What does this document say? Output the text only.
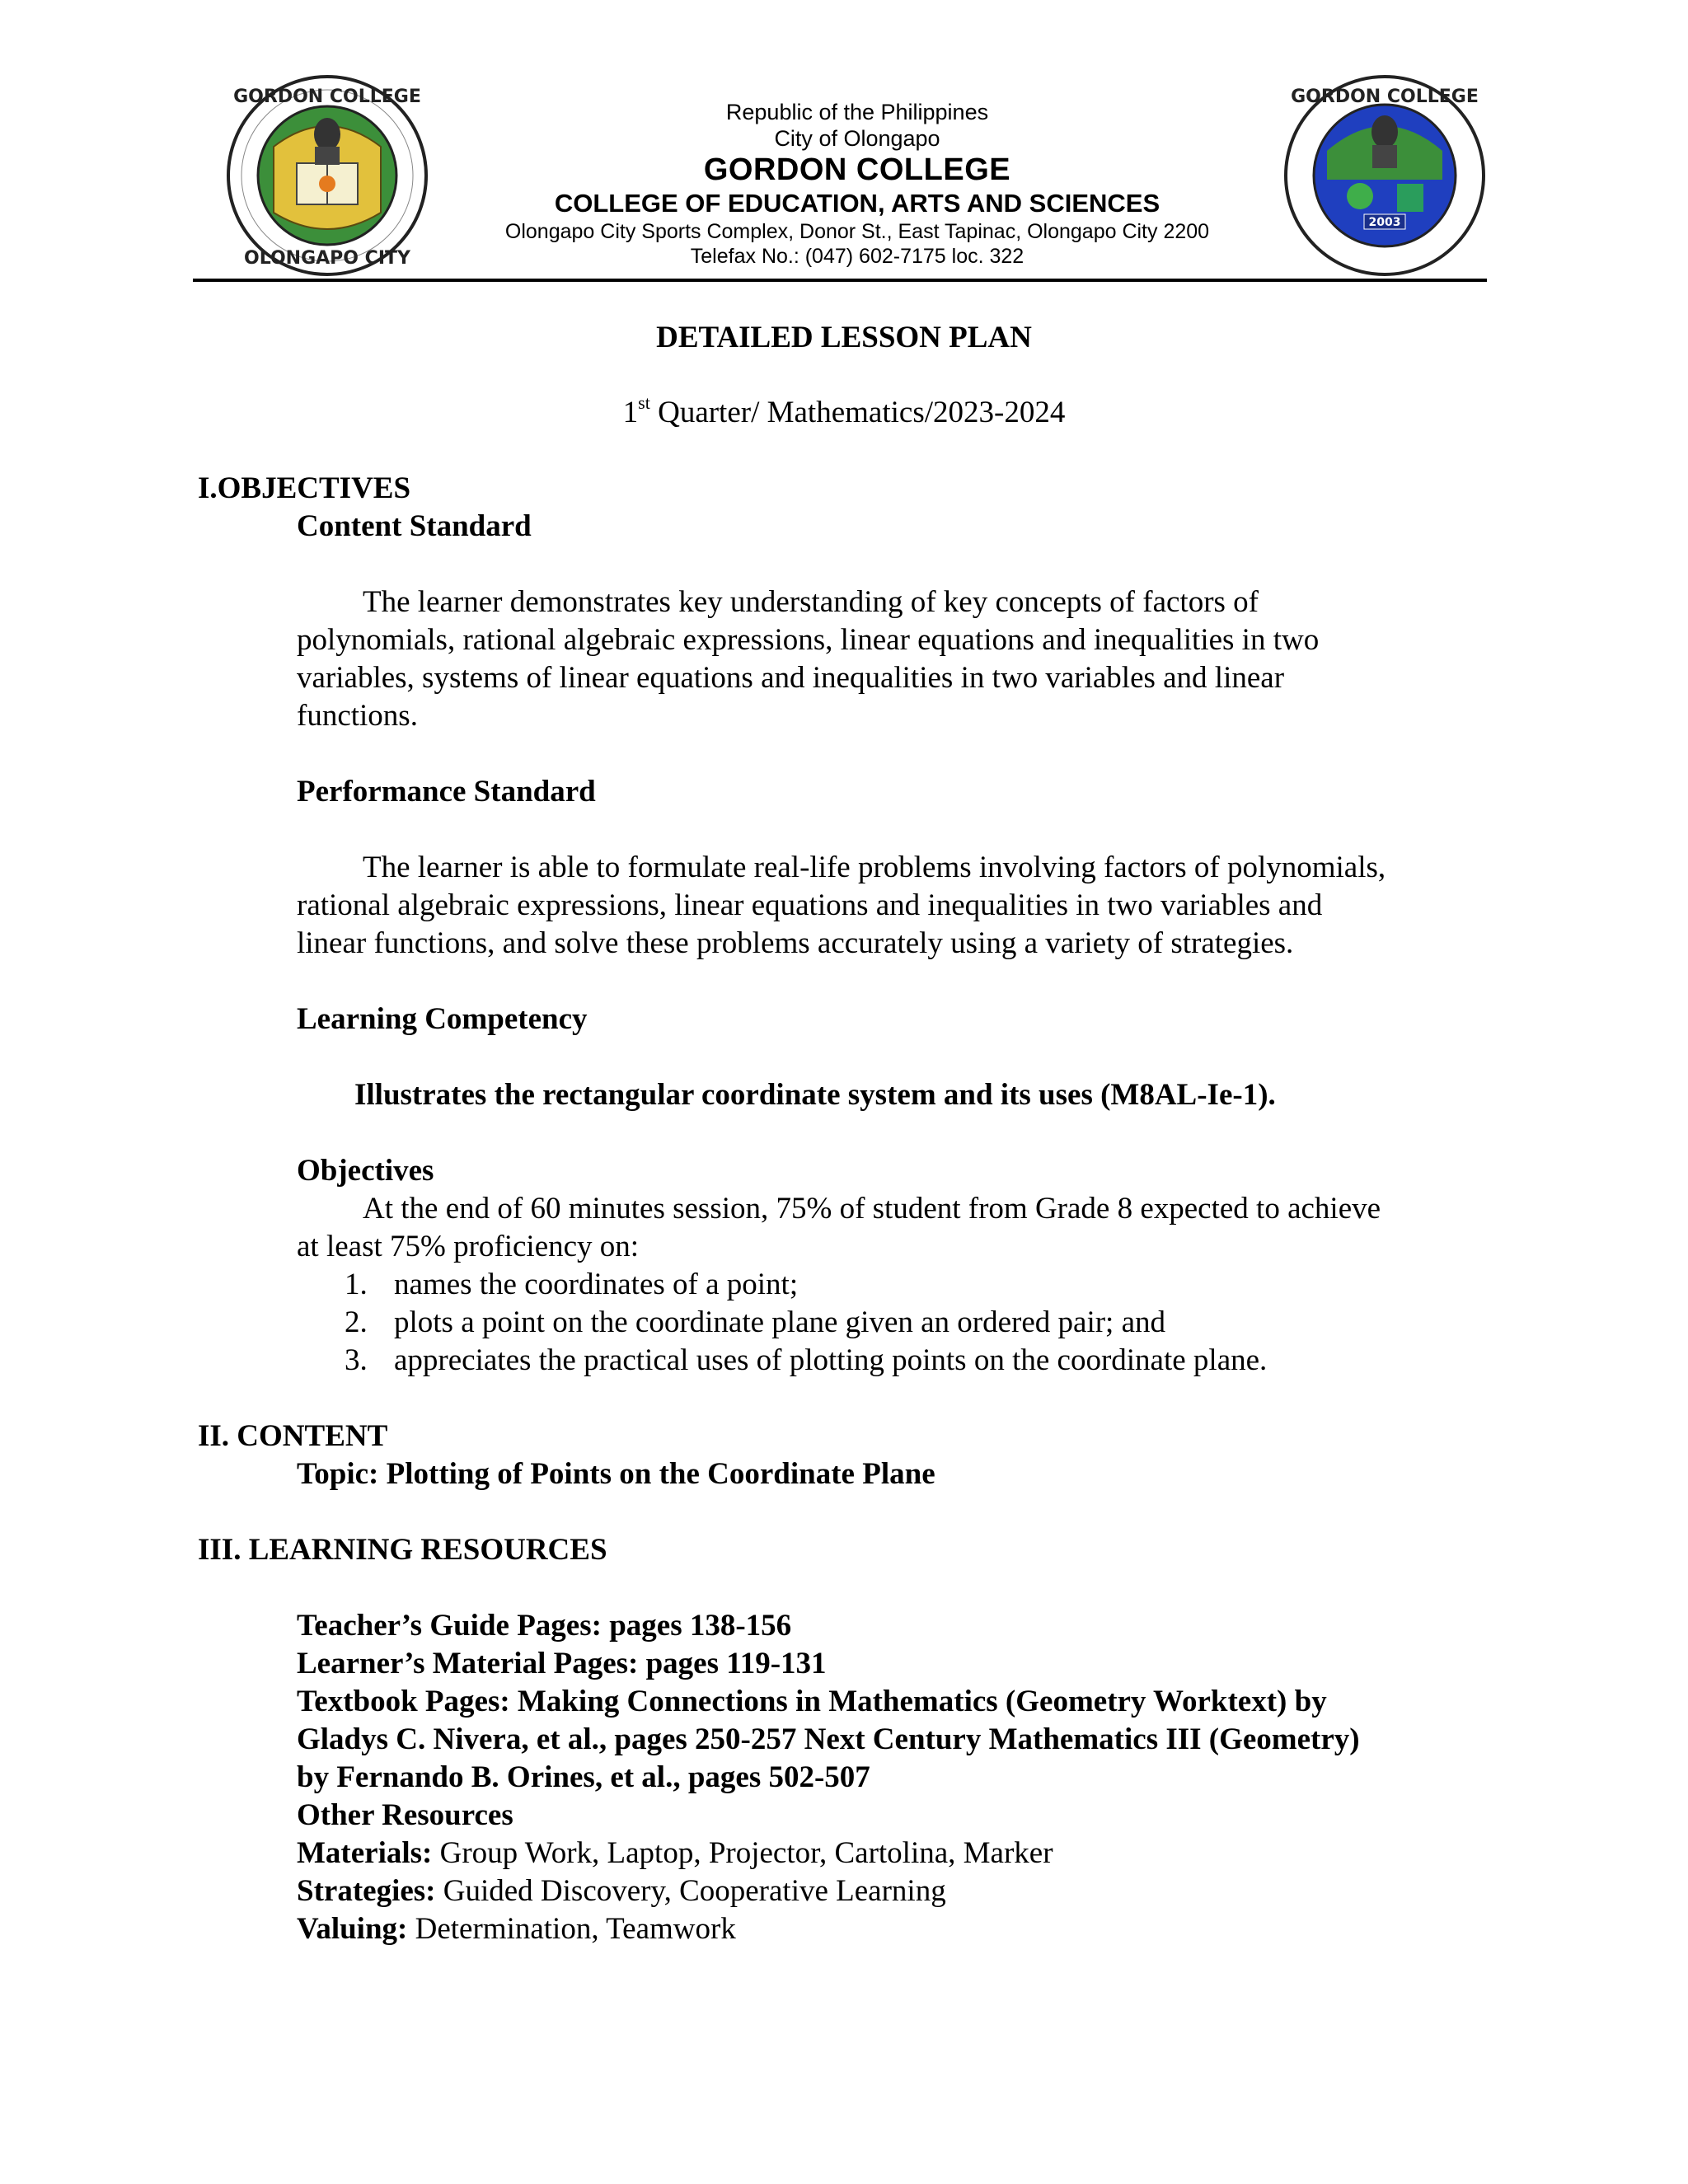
GORDON COLLEGE
OLONGAPO CITY
Republic of the Philippines
City of Olongapo
GORDON COLLEGE
COLLEGE OF EDUCATION, ARTS AND SCIENCES
Olongapo City Sports Complex, Donor St., East Tapinac, Olongapo City 2200
Telefax No.: (047) 602-7175 loc. 322
2003
GORDON COLLEGE
DETAILED LESSON PLAN
1st Quarter/ Mathematics/2023-2024
I.OBJECTIVES
Content Standard
The learner demonstrates key understanding of key concepts of factors of
polynomials, rational algebraic expressions, linear equations and inequalities in two
variables, systems of linear equations and inequalities in two variables and linear
functions.
Performance Standard
The learner is able to formulate real-life problems involving factors of polynomials,
rational algebraic expressions, linear equations and inequalities in two variables and
linear functions, and solve these problems accurately using a variety of strategies.
Learning Competency
Illustrates the rectangular coordinate system and its uses (M8AL-Ie-1).
Objectives
At the end of 60 minutes session, 75% of student from Grade 8 expected to achieve
at least 75% proficiency on:
1. names the coordinates of a point;
2. plots a point on the coordinate plane given an ordered pair; and
3. appreciates the practical uses of plotting points on the coordinate plane.
II. CONTENT
Topic: Plotting of Points on the Coordinate Plane
III. LEARNING RESOURCES
Teacher’s Guide Pages: pages 138-156
Learner’s Material Pages: pages 119-131
Textbook Pages: Making Connections in Mathematics (Geometry Worktext) by
Gladys C. Nivera, et al., pages 250-257 Next Century Mathematics III (Geometry)
by Fernando B. Orines, et al., pages 502-507
Other Resources
Materials: Group Work, Laptop, Projector, Cartolina, Marker
Strategies: Guided Discovery, Cooperative Learning
Valuing: Determination, Teamwork
